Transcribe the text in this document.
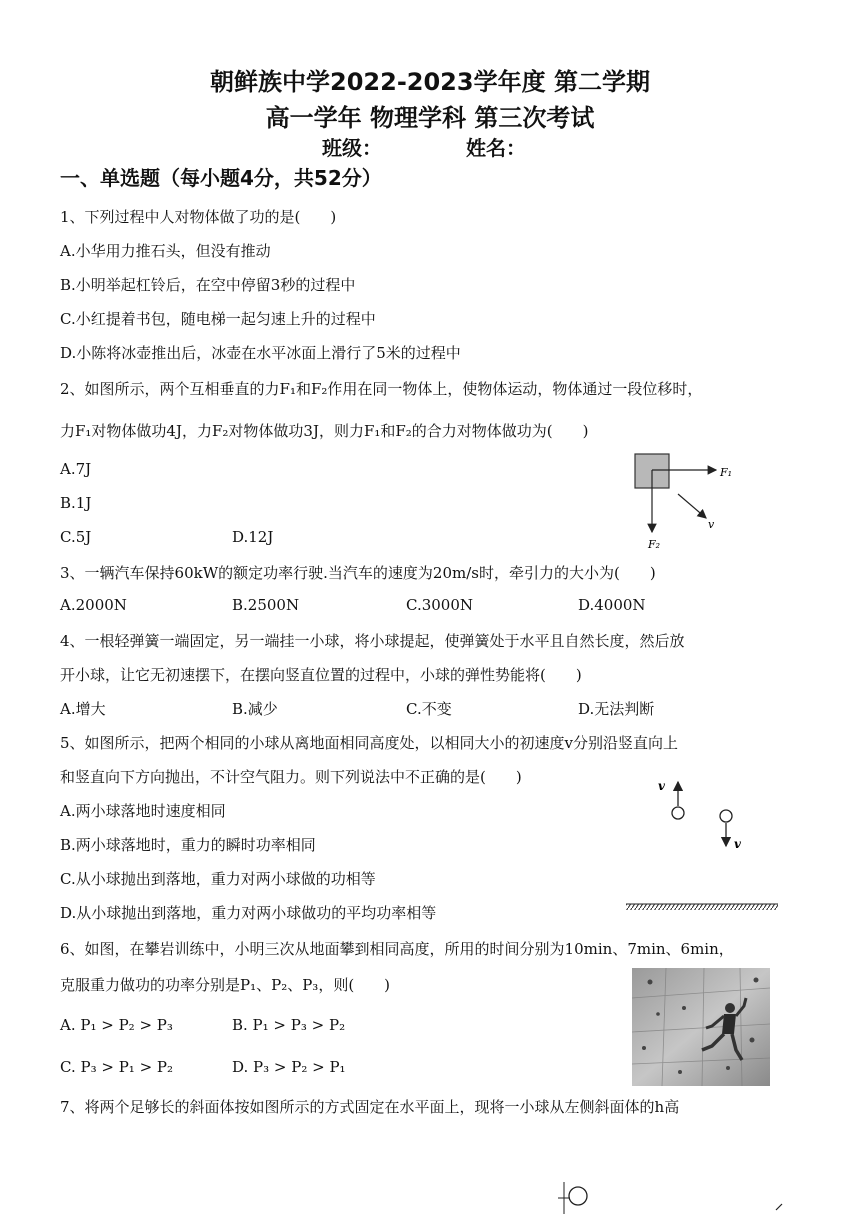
朝鲜族中学2022-2023学年度 第二学期
高一学年 物理学科 第三次考试
班级：	姓名：
一、单选题（每小题4分，共52分）
1、下列过程中人对物体做了功的是(　　)
A.小华用力推石头，但没有推动
B.小明举起杠铃后，在空中停留3秒的过程中
C.小红提着书包，随电梯一起匀速上升的过程中
D.小陈将冰壶推出后，冰壶在水平冰面上滑行了5米的过程中
2、如图所示，两个互相垂直的力F₁和F₂作用在同一物体上，使物体运动，物体通过一段位移时，
力F₁对物体做功4J，力F₂对物体做功3J，则力F₁和F₂的合力对物体做功为(　　)
A.7J
B.1J
C.5J	D.12J
F₁
F₂
v
3、一辆汽车保持60kW的额定功率行驶.当汽车的速度为20m/s时，牵引力的大小为(　　)
A.2000N	B.2500N	C.3000N	D.4000N
4、一根轻弹簧一端固定，另一端挂一小球，将小球提起，使弹簧处于水平且自然长度，然后放
开小球，让它无初速摆下，在摆向竖直位置的过程中，小球的弹性势能将(　　)
A.增大	B.减少	C.不变	D.无法判断
5、如图所示，把两个相同的小球从离地面相同高度处，以相同大小的初速度v分别沿竖直向上
和竖直向下方向抛出，不计空气阻力。则下列说法中不正确的是(　　)
A.两小球落地时速度相同
B.两小球落地时，重力的瞬时功率相同
C.从小球抛出到落地，重力对两小球做的功相等
D.从小球抛出到落地，重力对两小球做功的平均功率相等
v
v
6、如图，在攀岩训练中，小明三次从地面攀到相同高度，所用的时间分别为10min、7min、6min，
克服重力做功的功率分别是P₁、P₂、P₃，则(　　)
A. P₁ > P₂ > P₃	B. P₁ > P₃ > P₂
C. P₃ > P₁ > P₂	D. P₃ > P₂ > P₁
7、将两个足够长的斜面体按如图所示的方式固定在水平面上，现将一小球从左侧斜面体的h高
